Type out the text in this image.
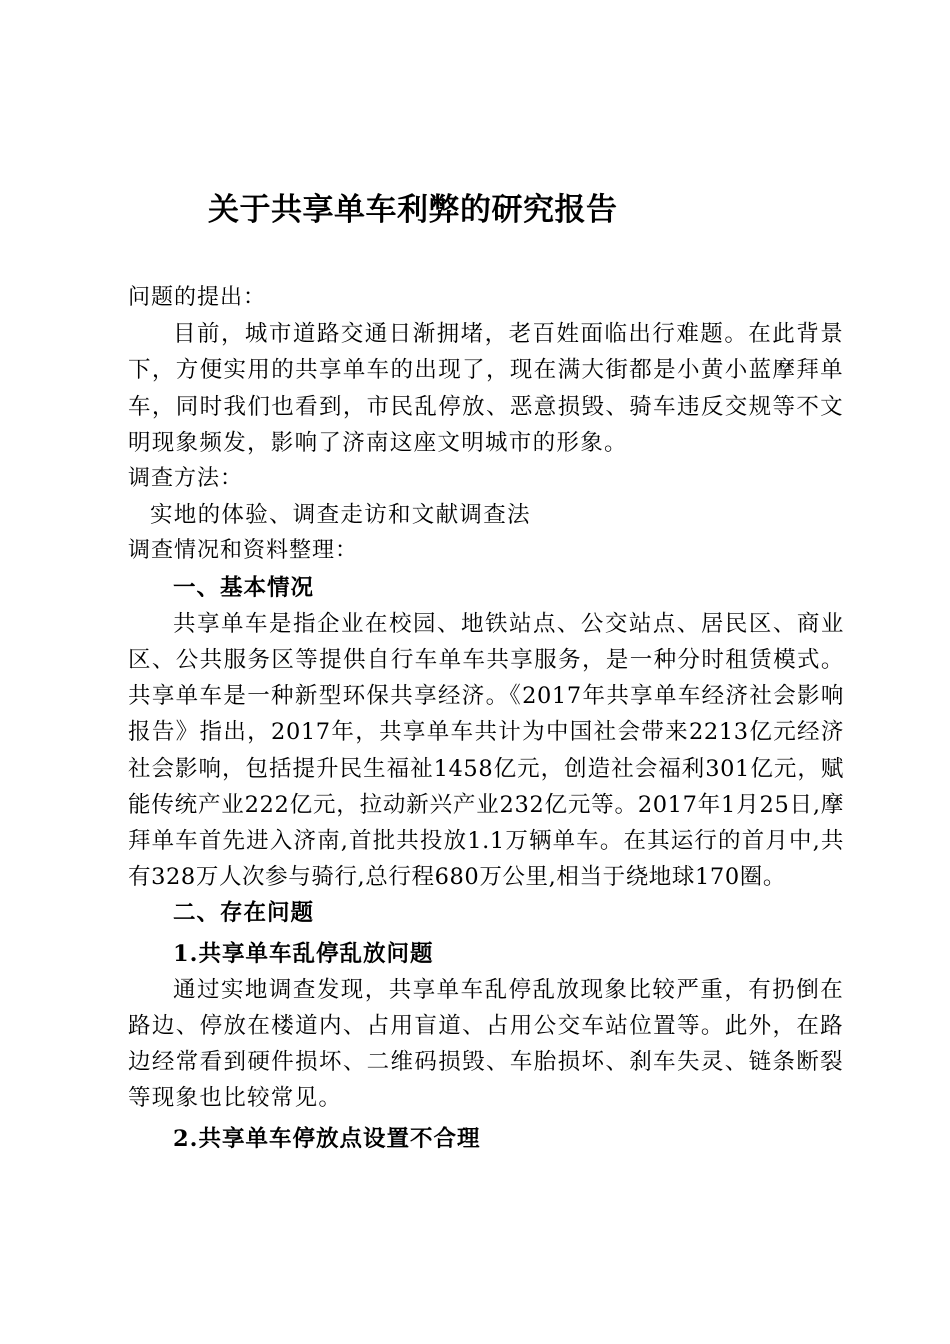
关于共享单车利弊的研究报告

问题的提出：

目前，城市道路交通日渐拥堵，老百姓面临出行难题。在此背景下，方便实用的共享单车的出现了，现在满大街都是小黄小蓝摩拜单车，同时我们也看到，市民乱停放、恶意损毁、骑车违反交规等不文明现象频发，影响了济南这座文明城市的形象。

调查方法：

实地的体验、调查走访和文献调查法

调查情况和资料整理：

一、基本情况

共享单车是指企业在校园、地铁站点、公交站点、居民区、商业区、公共服务区等提供自行车单车共享服务，是一种分时租赁模式。共享单车是一种新型环保共享经济。《2017年共享单车经济社会影响报告》指出，2017年，共享单车共计为中国社会带来2213亿元经济社会影响，包括提升民生福祉1458亿元，创造社会福利301亿元，赋能传统产业222亿元，拉动新兴产业232亿元等。2017年1月25日,摩拜单车首先进入济南,首批共投放1.1万辆单车。在其运行的首月中,共有328万人次参与骑行,总行程680万公里,相当于绕地球170圈。

二、存在问题

1.共享单车乱停乱放问题

通过实地调查发现，共享单车乱停乱放现象比较严重，有扔倒在路边、停放在楼道内、占用盲道、占用公交车站位置等。此外，在路边经常看到硬件损坏、二维码损毁、车胎损坏、刹车失灵、链条断裂等现象也比较常见。

2.共享单车停放点设置不合理
